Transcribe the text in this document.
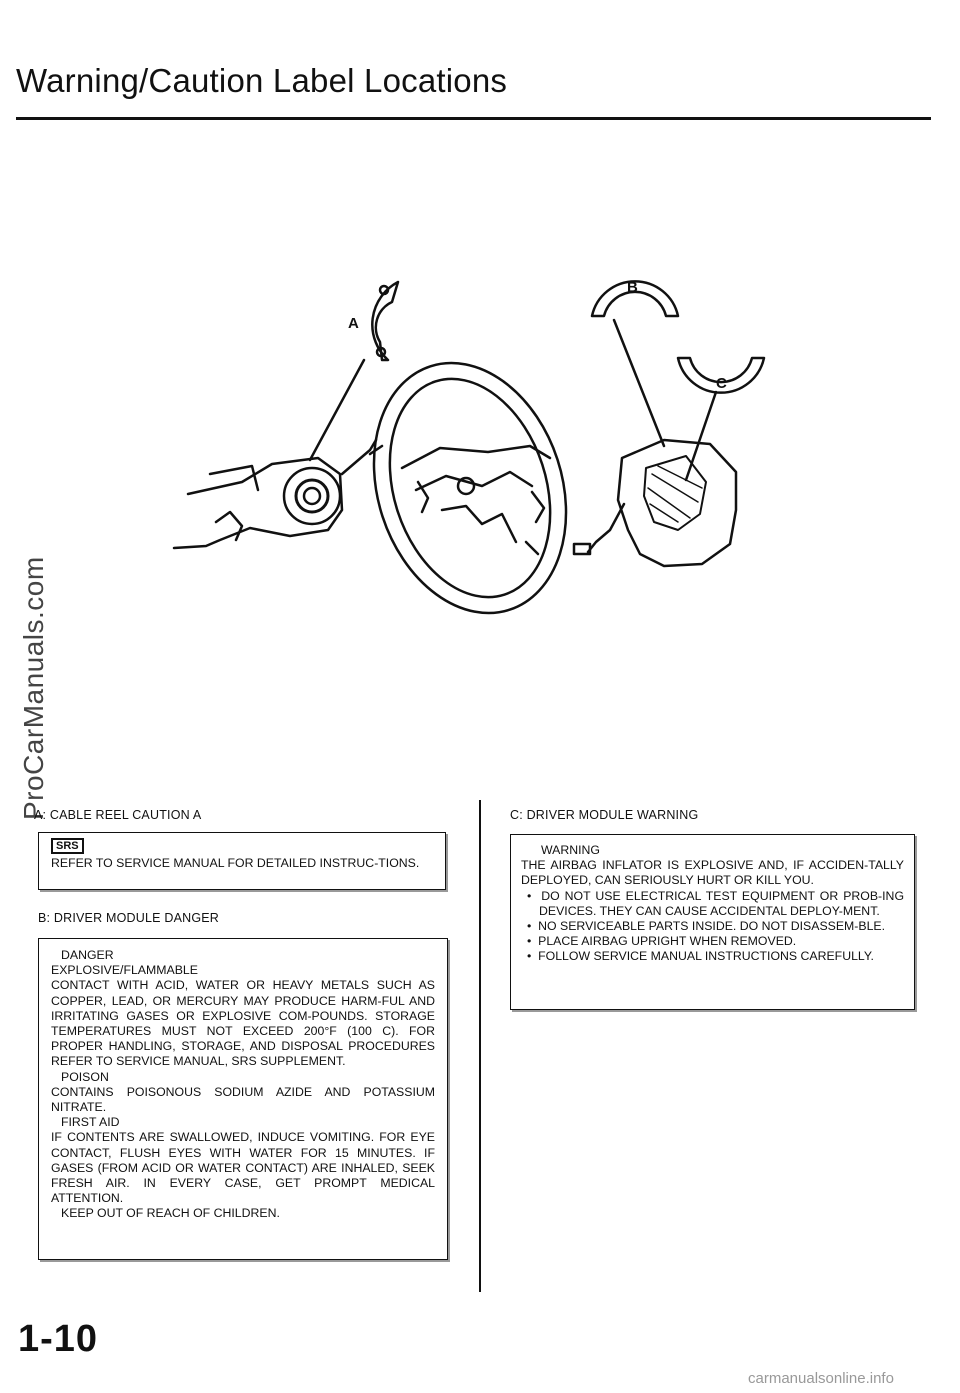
Warning/Caution Label Locations
A
B
C
ProCarManuals.com
A: CABLE REEL CAUTION A
SRS

REFER TO SERVICE MANUAL FOR DETAILED INSTRUC-TIONS.

B: DRIVER MODULE DANGER

DANGER

EXPLOSIVE/FLAMMABLE

CONTACT WITH ACID, WATER OR HEAVY METALS SUCH AS COPPER, LEAD, OR MERCURY MAY PRODUCE HARM-FUL AND IRRITATING GASES OR EXPLOSIVE COM-POUNDS. STORAGE TEMPERATURES MUST NOT EXCEED 200°F (100 C). FOR PROPER HANDLING, STORAGE, AND DISPOSAL PROCEDURES REFER TO SERVICE MANUAL, SRS SUPPLEMENT.

POISON

CONTAINS POISONOUS SODIUM AZIDE AND POTASSIUM NITRATE.

FIRST AID

IF CONTENTS ARE SWALLOWED, INDUCE VOMITING. FOR EYE CONTACT, FLUSH EYES WITH WATER FOR 15 MINUTES. IF GASES (FROM ACID OR WATER CONTACT) ARE INHALED, SEEK FRESH AIR. IN EVERY CASE, GET PROMPT MEDICAL ATTENTION.

KEEP OUT OF REACH OF CHILDREN.

C: DRIVER MODULE WARNING

WARNING

THE AIRBAG INFLATOR IS EXPLOSIVE AND, IF ACCIDEN-TALLY DEPLOYED, CAN SERIOUSLY HURT OR KILL YOU.

•  DO NOT USE ELECTRICAL TEST EQUIPMENT OR PROB-ING DEVICES. THEY CAN CAUSE ACCIDENTAL DEPLOY-MENT.

•  NO SERVICEABLE PARTS INSIDE. DO NOT DISASSEM-BLE.

•  PLACE AIRBAG UPRIGHT WHEN REMOVED.

•  FOLLOW SERVICE MANUAL INSTRUCTIONS CAREFULLY.

1-10
carmanualsonline.info
